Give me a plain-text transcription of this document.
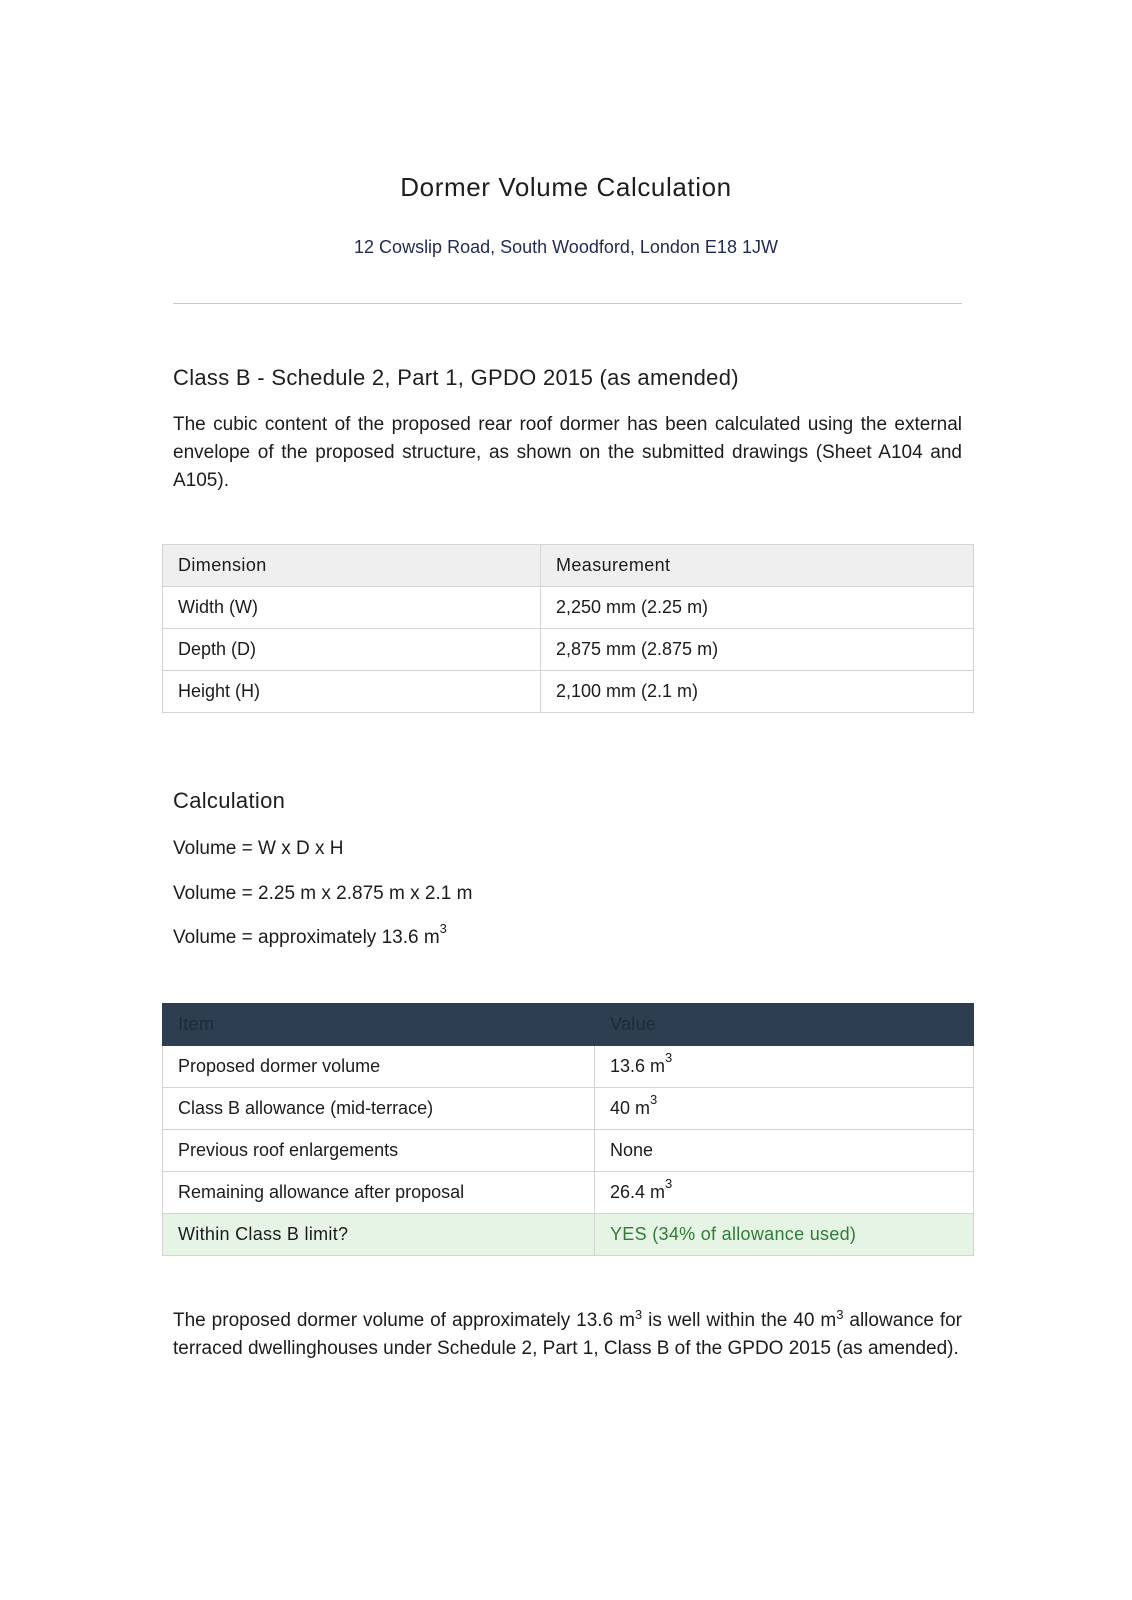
Dormer Volume Calculation
12 Cowslip Road, South Woodford, London E18 1JW
Class B - Schedule 2, Part 1, GPDO 2015 (as amended)
The cubic content of the proposed rear roof dormer has been calculated using the external envelope of the proposed structure, as shown on the submitted drawings (Sheet A104 and A105).
Dimension	Measurement
Width (W)	2,250 mm (2.25 m)
Depth (D)	2,875 mm (2.875 m)
Height (H)	2,100 mm (2.1 m)
Calculation
Volume = W x D x H
Volume = 2.25 m x 2.875 m x 2.1 m
Volume = approximately 13.6 $m^3$
Item	Value
Proposed dormer volume	13.6 $m^3$
Class B allowance (mid-terrace)	40 $m^3$
Previous roof enlargements	None
Remaining allowance after proposal	26.4 $m^3$
Within Class B limit?	YES (34% of allowance used)
The proposed dormer volume of approximately 13.6 $m^3$ is well within the 40 $m^3$ allowance for terraced dwellinghouses under Schedule 2, Part 1, Class B of the GPDO 2015 (as amended).
